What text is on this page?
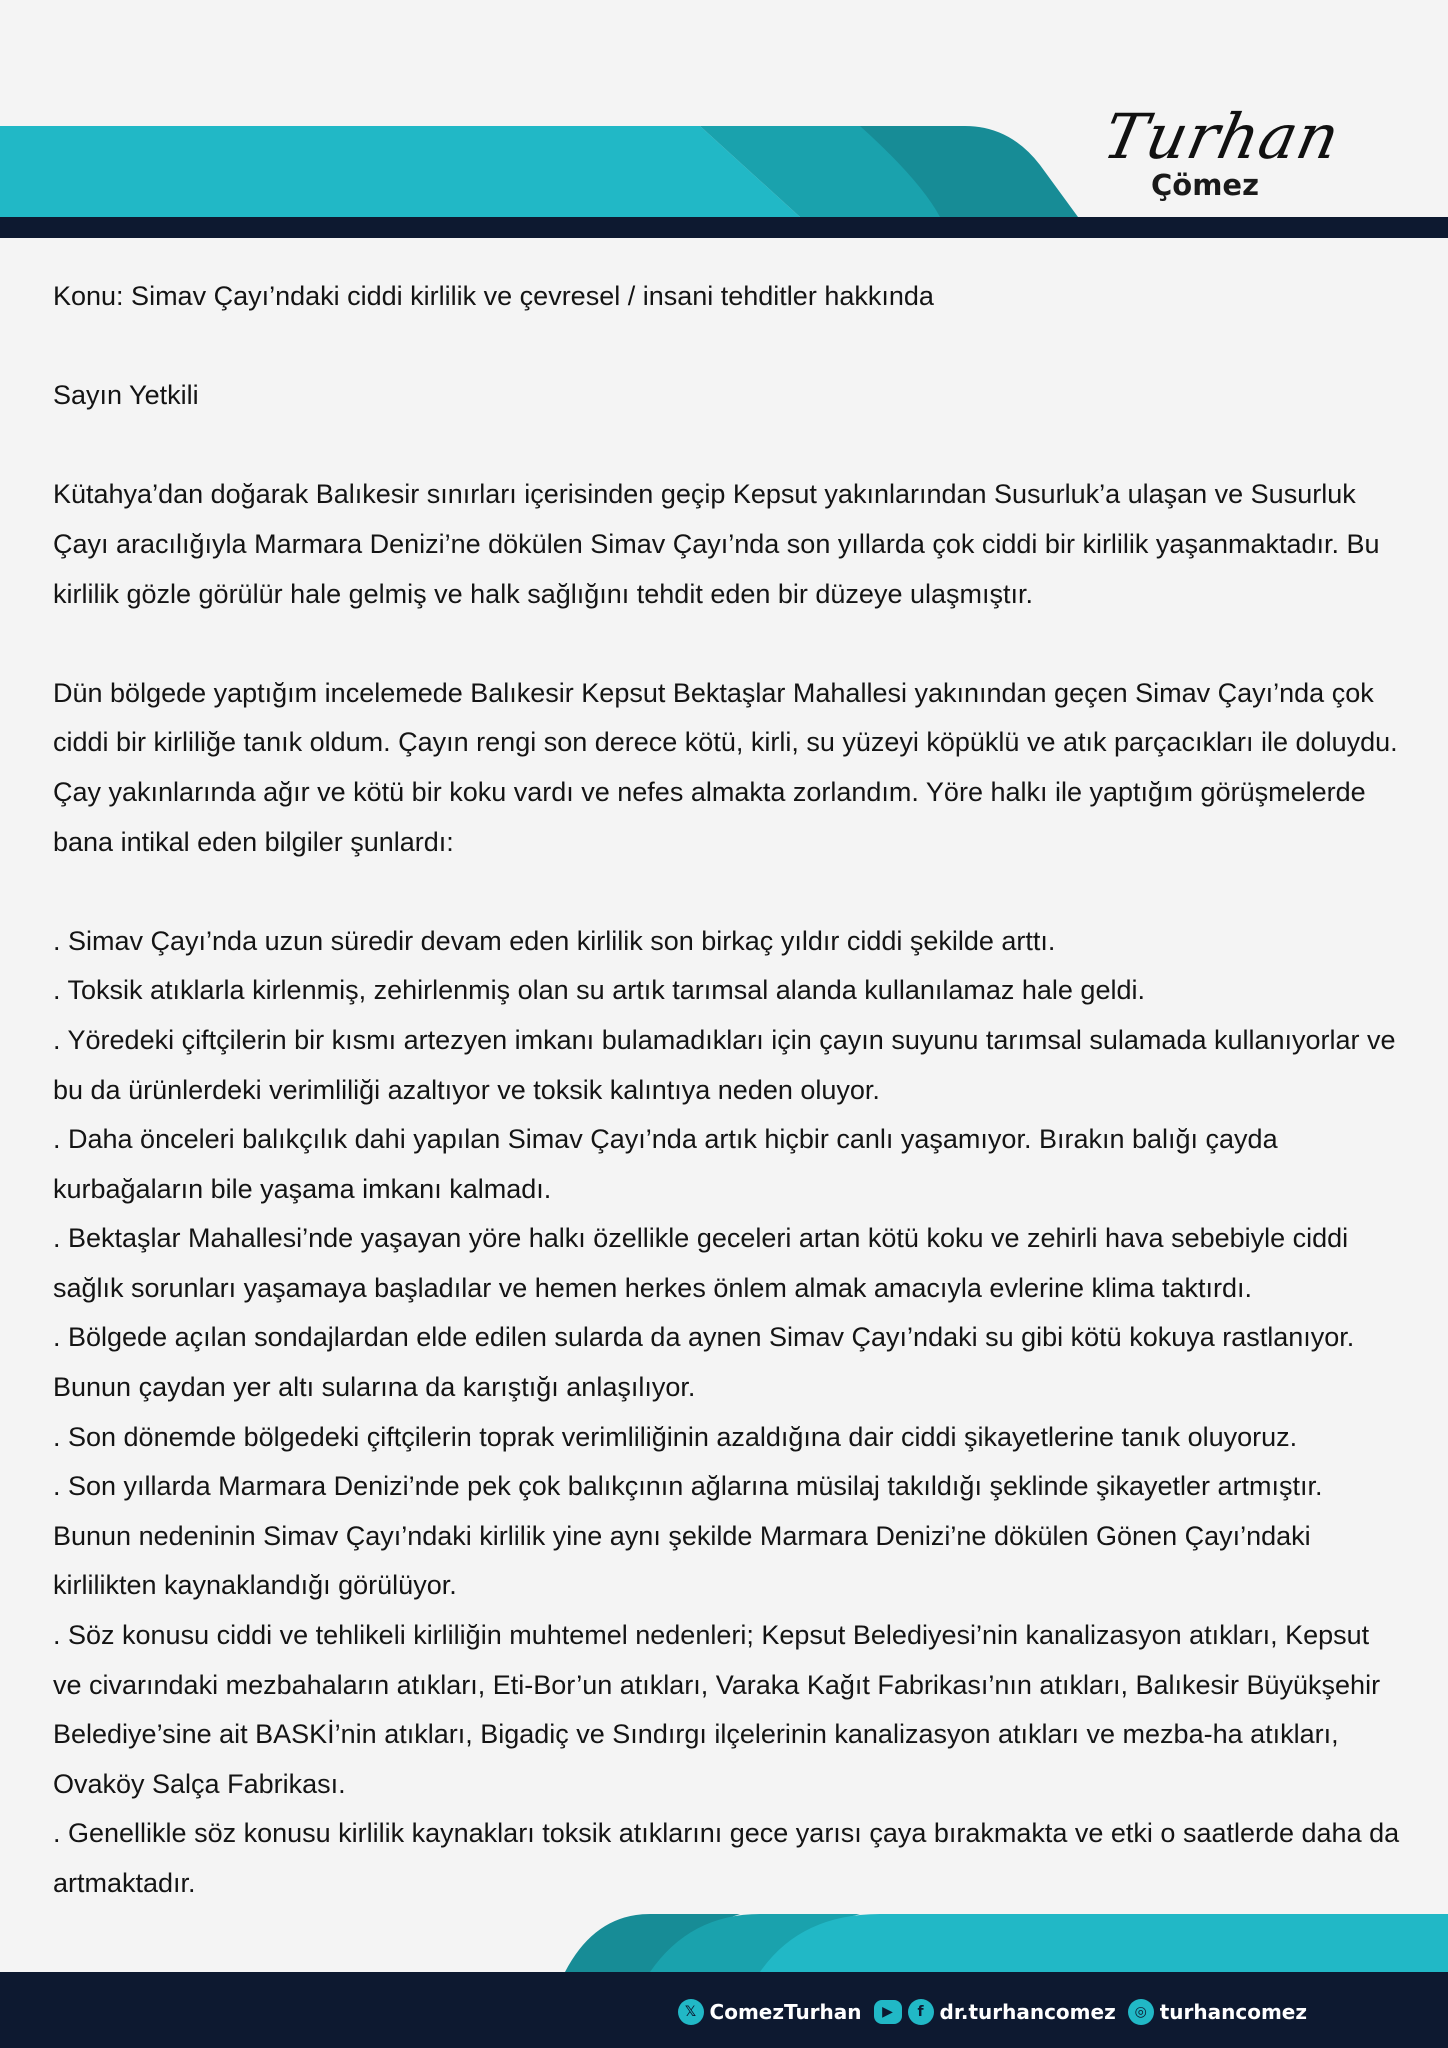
Turhan
Çömez

Konu: Simav Çayı’ndaki ciddi kirlilik ve çevresel / insani tehditler hakkında

Sayın Yetkili

Kütahya’dan doğarak Balıkesir sınırları içerisinden geçip Kepsut yakınlarından Susurluk’a ulaşan ve Susurluk Çayı aracılığıyla Marmara Denizi’ne dökülen Simav Çayı’nda son yıllarda çok ciddi bir kirlilik yaşanmaktadır. Bu kirlilik gözle görülür hale gelmiş ve halk sağlığını tehdit eden bir düzeye ulaşmıştır.

Dün bölgede yaptığım incelemede Balıkesir Kepsut Bektaşlar Mahallesi yakınından geçen Simav Çayı’nda çok ciddi bir kirliliğe tanık oldum. Çayın rengi son derece kötü, kirli, su yüzeyi köpüklü ve atık parçacıkları ile doluydu. Çay yakınlarında ağır ve kötü bir koku vardı ve nefes almakta zorlandım. Yöre halkı ile yaptığım görüşmelerde bana intikal eden bilgiler şunlardı:

. Simav Çayı’nda uzun süredir devam eden kirlilik son birkaç yıldır ciddi şekilde arttı.

. Toksik atıklarla kirlenmiş, zehirlenmiş olan su artık tarımsal alanda kullanılamaz hale geldi.

. Yöredeki çiftçilerin bir kısmı artezyen imkanı bulamadıkları için çayın suyunu tarımsal sulamada kullanıyorlar ve bu da ürünlerdeki verimliliği azaltıyor ve toksik kalıntıya neden oluyor.

. Daha önceleri balıkçılık dahi yapılan Simav Çayı’nda artık hiçbir canlı yaşamıyor. Bırakın balığı çayda kurbağaların bile yaşama imkanı kalmadı.

. Bektaşlar Mahallesi’nde yaşayan yöre halkı özellikle geceleri artan kötü koku ve zehirli hava sebebiyle ciddi sağlık sorunları yaşamaya başladılar ve hemen herkes önlem almak amacıyla evlerine klima taktırdı.

. Bölgede açılan sondajlardan elde edilen sularda da aynen Simav Çayı’ndaki su gibi kötü kokuya rastlanıyor. Bunun çaydan yer altı sularına da karıştığı anlaşılıyor.

. Son dönemde bölgedeki çiftçilerin toprak verimliliğinin azaldığına dair ciddi şikayetlerine tanık oluyoruz.

. Son yıllarda Marmara Denizi’nde pek çok balıkçının ağlarına müsilaj takıldığı şeklinde şikayetler artmıştır. Bunun nedeninin Simav Çayı’ndaki kirlilik yine aynı şekilde Marmara Denizi’ne dökülen Gönen Çayı’ndaki kirlilikten kaynaklandığı görülüyor.

. Söz konusu ciddi ve tehlikeli kirliliğin muhtemel nedenleri; Kepsut Belediyesi’nin kanalizasyon atıkları, Kepsut ve civarındaki mezbahaların atıkları, Eti-Bor’un atıkları, Varaka Kağıt Fabrikası’nın atıkları, Balıkesir Büyükşehir Belediye’sine ait BASKİ’nin atıkları, Bigadiç ve Sındırgı ilçelerinin kanalizasyon atıkları ve mezba-ha atıkları, Ovaköy Salça Fabrikası.

. Genellikle söz konusu kirlilik kaynakları toksik atıklarını gece yarısı çaya bırakmakta ve etki o saatlerde daha da artmaktadır.

𝕏 ComezTurhan	▶	f dr.turhancomez	◎ turhancomez
